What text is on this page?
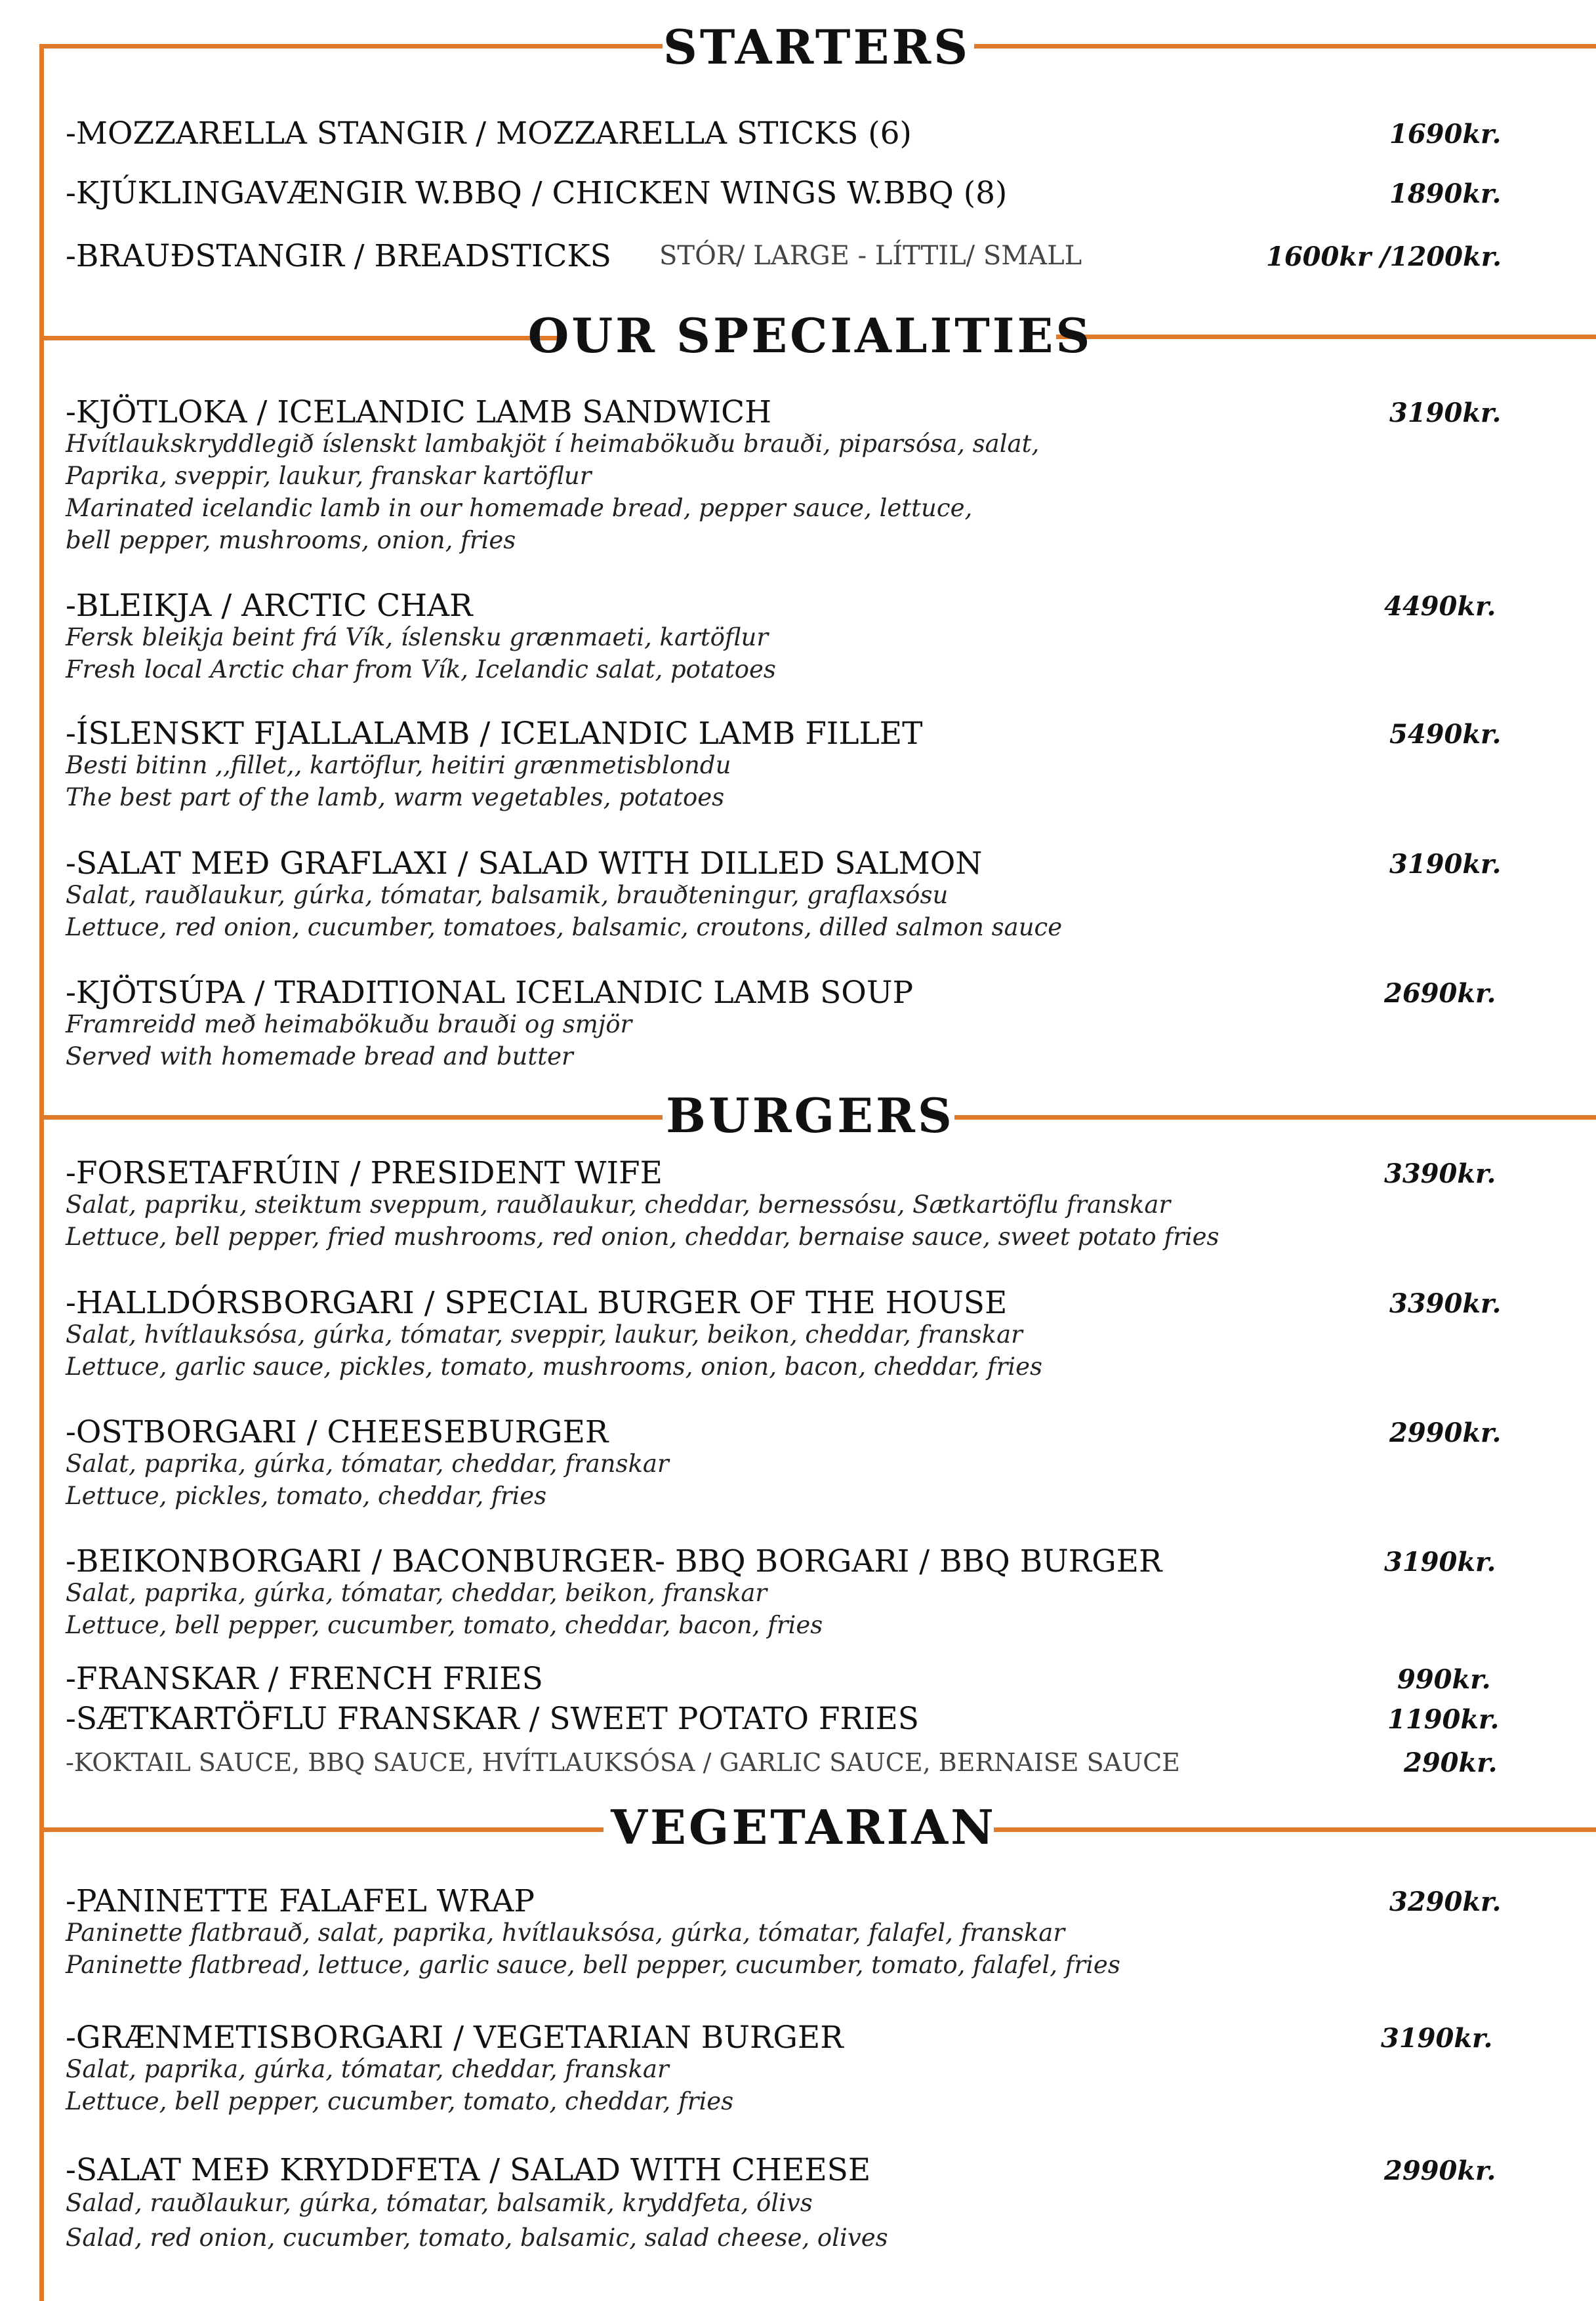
STARTERS
OUR SPECIALITIES
BURGERS
VEGETARIAN
-MOZZARELLA STANGIR / MOZZARELLA STICKS (6)	1690kr.
-KJÚKLINGAVÆNGIR W.BBQ / CHICKEN WINGS W.BBQ (8)	1890kr.
-BRAUÐSTANGIR / BREADSTICKS STÓR/ LARGE - LÍTTIL/ SMALL	1600kr /1200kr.
-KJÖTLOKA / ICELANDIC LAMB SANDWICH	3190kr.
Hvítlaukskryddlegið íslenskt lambakjöt í heimabökuðu brauði, piparsósa, salat,
Paprika, sveppir, laukur, franskar kartöflur
Marinated icelandic lamb in our homemade bread, pepper sauce, lettuce,
bell pepper, mushrooms, onion, fries
-BLEIKJA / ARCTIC CHAR	4490kr.
Fersk bleikja beint frá Vík, íslensku grænmaeti, kartöflur
Fresh local Arctic char from Vík, Icelandic salat, potatoes
-ÍSLENSKT FJALLALAMB / ICELANDIC LAMB FILLET	5490kr.
Besti bitinn ,,fillet,, kartöflur, heitiri grænmetisblondu
The best part of the lamb, warm vegetables, potatoes
-SALAT MEÐ GRAFLAXI / SALAD WITH DILLED SALMON	3190kr.
Salat, rauðlaukur, gúrka, tómatar, balsamik, brauðteningur, graflaxsósu
Lettuce, red onion, cucumber, tomatoes, balsamic, croutons, dilled salmon sauce
-KJÖTSÚPA / TRADITIONAL ICELANDIC LAMB SOUP	2690kr.
Framreidd með heimabökuðu brauði og smjör
Served with homemade bread and butter
-FORSETAFRÚIN / PRESIDENT WIFE	3390kr.
Salat, papriku, steiktum sveppum, rauðlaukur, cheddar, bernessósu, Sætkartöflu franskar
Lettuce, bell pepper, fried mushrooms, red onion, cheddar, bernaise sauce, sweet potato fries
-HALLDÓRSBORGARI / SPECIAL BURGER OF THE HOUSE	3390kr.
Salat, hvítlauksósa, gúrka, tómatar, sveppir, laukur, beikon, cheddar, franskar
Lettuce, garlic sauce, pickles, tomato, mushrooms, onion, bacon, cheddar, fries
-OSTBORGARI / CHEESEBURGER	2990kr.
Salat, paprika, gúrka, tómatar, cheddar, franskar
Lettuce, pickles, tomato, cheddar, fries
-BEIKONBORGARI / BACONBURGER- BBQ BORGARI / BBQ BURGER	3190kr.
Salat, paprika, gúrka, tómatar, cheddar, beikon, franskar
Lettuce, bell pepper, cucumber, tomato, cheddar, bacon, fries
-FRANSKAR / FRENCH FRIES	990kr.
-SÆTKARTÖFLU FRANSKAR / SWEET POTATO FRIES	1190kr.
-KOKTAIL SAUCE, BBQ SAUCE, HVÍTLAUKSÓSA / GARLIC SAUCE, BERNAISE SAUCE	290kr.
-PANINETTE FALAFEL WRAP	3290kr.
Paninette flatbrauð, salat, paprika, hvítlauksósa, gúrka, tómatar, falafel, franskar
Paninette flatbread, lettuce, garlic sauce, bell pepper, cucumber, tomato, falafel, fries
-GRÆNMETISBORGARI / VEGETARIAN BURGER	3190kr.
Salat, paprika, gúrka, tómatar, cheddar, franskar
Lettuce, bell pepper, cucumber, tomato, cheddar, fries
-SALAT MEÐ KRYDDFETA / SALAD WITH CHEESE	2990kr.
Salad, rauðlaukur, gúrka, tómatar, balsamik, kryddfeta, ólivs
Salad, red onion, cucumber, tomato, balsamic, salad cheese, olives
